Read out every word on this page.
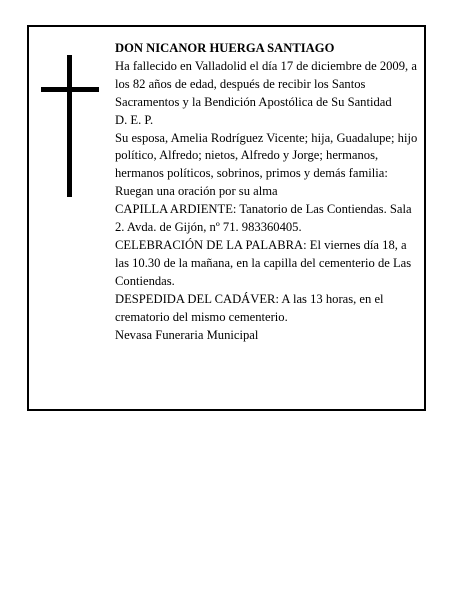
DON NICANOR HUERGA SANTIAGO

Ha fallecido en Valladolid el día 17 de diciembre de 2009, a los 82 años de edad, después de recibir los Santos Sacramentos y la Bendición Apostólica de Su Santidad

D. E. P.

Su esposa, Amelia Rodríguez Vicente; hija, Guadalupe; hijo político, Alfredo; nietos, Alfredo y Jorge; hermanos, hermanos políticos, sobrinos, primos y demás familia:

Ruegan una oración por su alma

CAPILLA ARDIENTE: Tanatorio de Las Contiendas. Sala 2. Avda. de Gijón, nº 71. 983360405.

CELEBRACIÓN DE LA PALABRA: El viernes día 18, a las 10.30 de la mañana, en la capilla del cementerio de Las Contiendas.

DESPEDIDA DEL CADÁVER: A las 13 horas, en el crematorio del mismo cementerio.

Nevasa Funeraria Municipal
